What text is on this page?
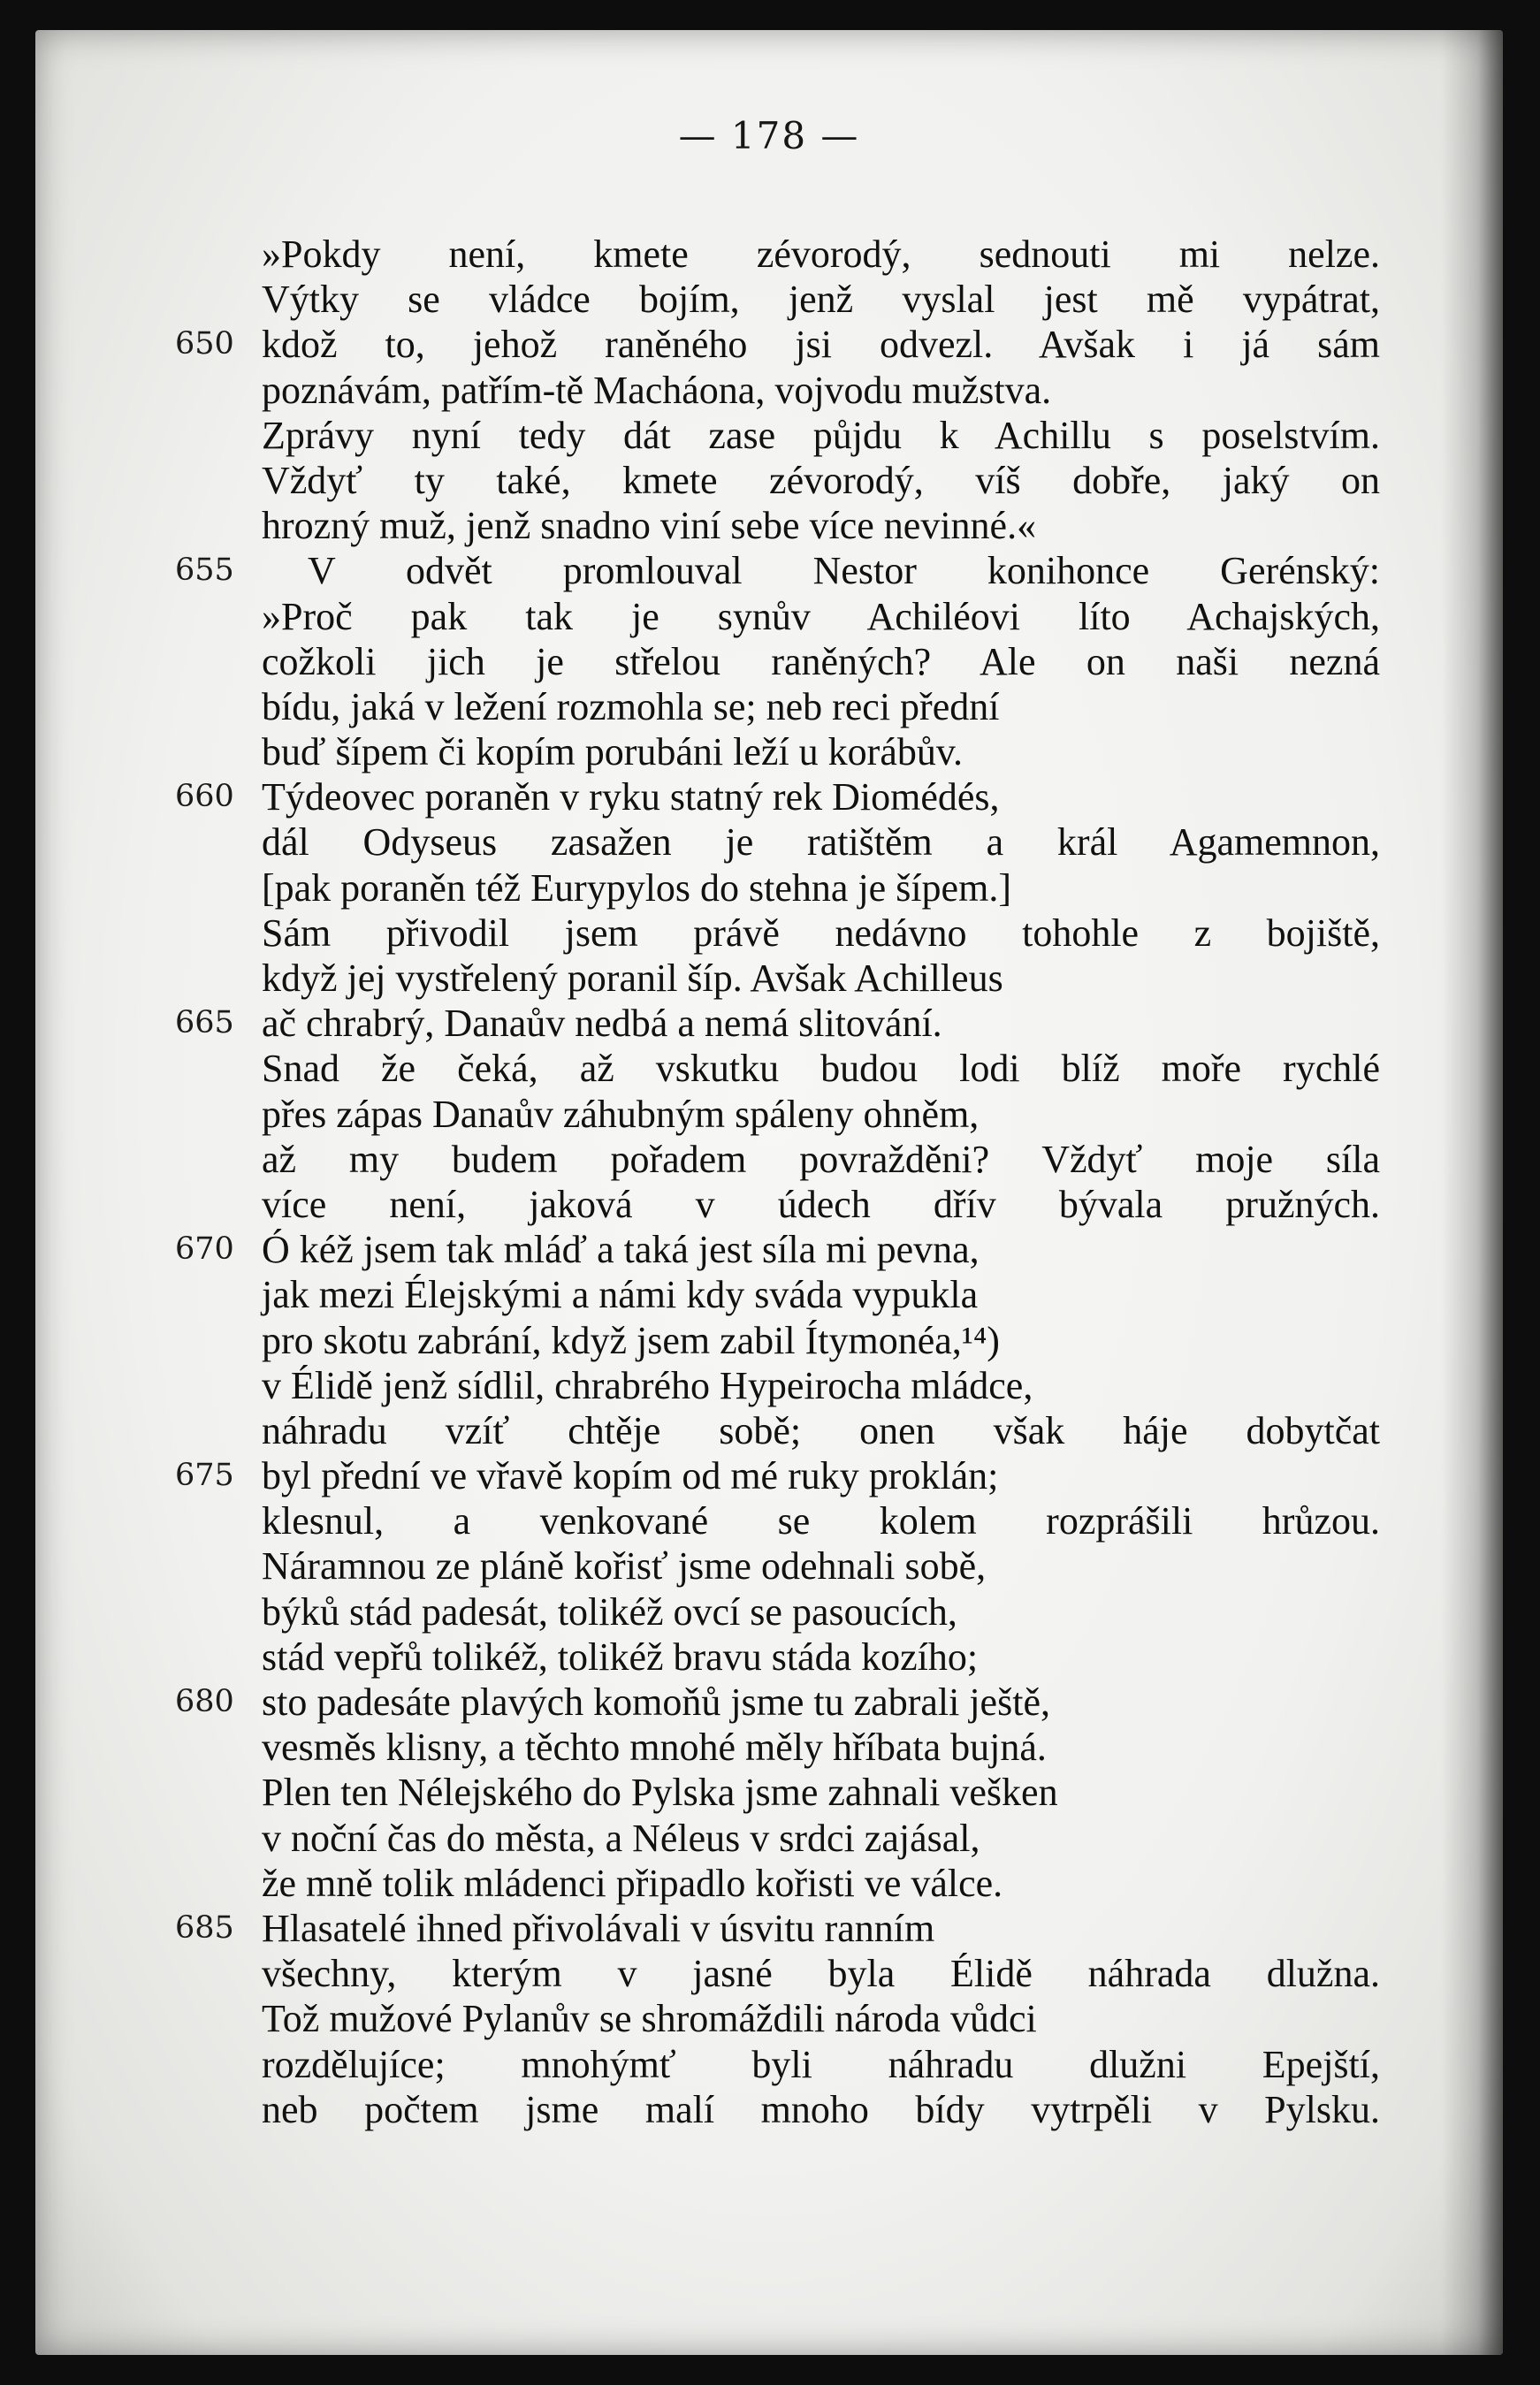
— 178 —
»Pokdy není, kmete zévorodý, sednouti mi nelze.
Výtky se vládce bojím, jenž vyslal jest mě vypátrat,
650 kdož to, jehož raněného jsi odvezl. Avšak i já sám
poznávám, patřím-tě Macháona, vojvodu mužstva.
Zprávy nyní tedy dát zase půjdu k Achillu s poselstvím.
Vždyť ty také, kmete zévorodý, víš dobře, jaký on
hrozný muž, jenž snadno viní sebe více nevinné.«
655	V odvět promlouval Nestor konihonce Gerénský:
»Proč pak tak je synův Achiléovi líto Achajských,
cožkoli jich je střelou raněných? Ale on naši nezná
bídu, jaká v ležení rozmohla se; neb reci přední
buď šípem či kopím porubáni leží u korábův.
660 Týdeovec poraněn v ryku statný rek Diomédés,
dál Odyseus zasažen je ratištěm a král Agamemnon,
[pak poraněn též Eurypylos do stehna je šípem.]
Sám přivodil jsem právě nedávno tohohle z bojiště,
když jej vystřelený poranil šíp. Avšak Achilleus
665 ač chrabrý, Danaův nedbá a nemá slitování.
Snad že čeká, až vskutku budou lodi blíž moře rychlé
přes zápas Danaův záhubným spáleny ohněm,
až my budem pořadem povražděni? Vždyť moje síla
více není, jaková v údech dřív bývala pružných.
670 Ó kéž jsem tak mláď a taká jest síla mi pevna,
jak mezi Élejskými a námi kdy sváda vypukla
pro skotu zabrání, když jsem zabil Ítymonéa,¹⁴)
v Élidě jenž sídlil, chrabrého Hypeirocha mládce,
náhradu vzíť chtěje sobě; onen však háje dobytčat
675 byl přední ve vřavě kopím od mé ruky proklán;
klesnul, a venkované se kolem rozprášili hrůzou.
Náramnou ze pláně kořisť jsme odehnali sobě,
býků stád padesát, tolikéž ovcí se pasoucích,
stád vepřů tolikéž, tolikéž bravu stáda kozího;
680 sto padesáte plavých komoňů jsme tu zabrali ještě,
vesměs klisny, a těchto mnohé měly hříbata bujná.
Plen ten Nélejského do Pylska jsme zahnali vešken
v noční čas do města, a Néleus v srdci zajásal,
že mně tolik mládenci připadlo kořisti ve válce.
685 Hlasatelé ihned přivolávali v úsvitu ranním
všechny, kterým v jasné byla Élidě náhrada dlužna.
Tož mužové Pylanův se shromáždili národa vůdci
rozdělujíce; mnohýmť byli náhradu dlužni Epejští,
neb počtem jsme malí mnoho bídy vytrpěli v Pylsku.
